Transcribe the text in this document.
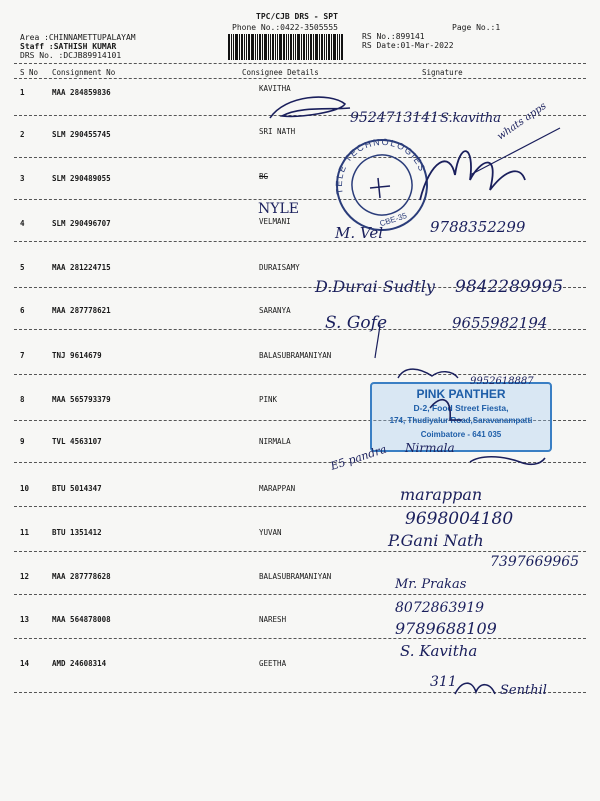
TPC/CJB DRS - SPT
Phone No.:0422-3505555	Page No.:1
RS No.:899141
RS Date:01-Mar-2022
Area :CHINNAMETTUPALAYAM
Staff :SATHISH KUMAR
DRS No. :DCJB89914101
S No Consignment No	Consignee Details	Signature
1	MAA 284859836	KAVITHA
2	SLM 290455745	SRI NATH
3	SLM 290489055	BG
4	SLM 290496707	VELMANI
5	MAA 281224715	DURAISAMY
6	MAA 287778621	SARANYA
7	TNJ 9614679	BALASUBRAMANIYAN
8	MAA 565793379	PINK
9	TVL 4563107	NIRMALA
10	BTU 5014347	MARAPPAN
11	BTU 1351412	YUVAN
12	MAA 287778628	BALASUBRAMANIYAN
13	MAA 564878008	NARESH
14	AMD 24608314	GEETHA
TELE TECHNOLOGIES
CBE-35
PINK PANTHER
D-2, Food Street Fiesta,
174, Thudiyalur Road,Saravanampatti
Coimbatore - 641 035
9524713141 S.kavitha
whats apps
NYLE
M. Vel	9788352299
D.Durai Sudtly 9842289995
S. Gofe	9655982194
9952618887
E5 pandra Nirmala
marappan
9698004180
P.Gani Nath
7397669965
Mr. Prakas
8072863919
9789688109
S. Kavitha
311
Senthil
